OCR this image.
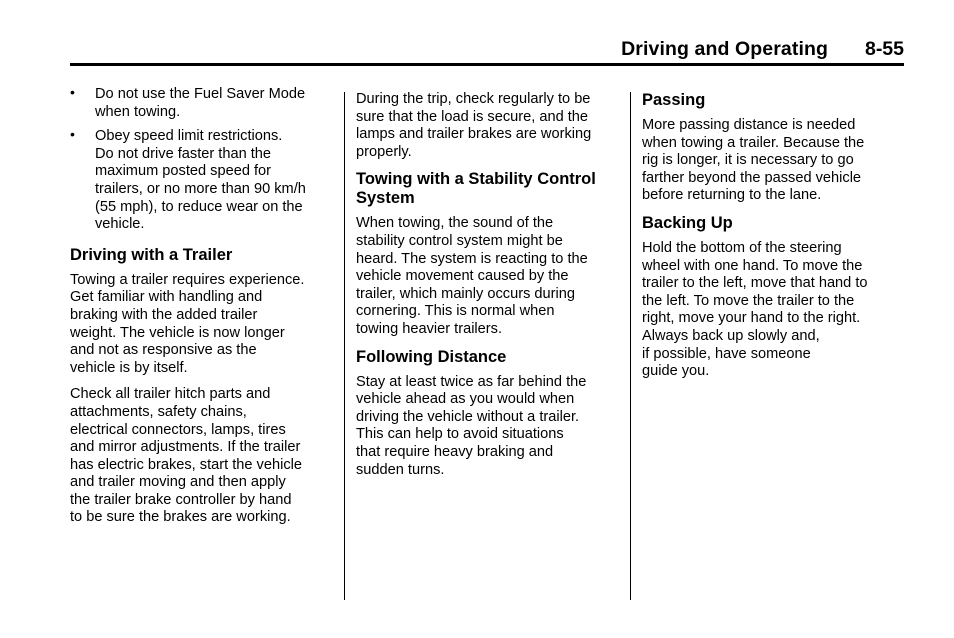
Driving and Operating 8-55
• Do not use the Fuel Saver Mode
when towing.
• Obey speed limit restrictions.
Do not drive faster than the
maximum posted speed for
trailers, or no more than 90 km/h
(55 mph), to reduce wear on the
vehicle.
Driving with a Trailer

Towing a trailer requires experience.
Get familiar with handling and
braking with the added trailer
weight. The vehicle is now longer
and not as responsive as the
vehicle is by itself.

Check all trailer hitch parts and
attachments, safety chains,
electrical connectors, lamps, tires
and mirror adjustments. If the trailer
has electric brakes, start the vehicle
and trailer moving and then apply
the trailer brake controller by hand
to be sure the brakes are working.

During the trip, check regularly to be
sure that the load is secure, and the
lamps and trailer brakes are working
properly.

Towing with a Stability Control
System

When towing, the sound of the
stability control system might be
heard. The system is reacting to the
vehicle movement caused by the
trailer, which mainly occurs during
cornering. This is normal when
towing heavier trailers.

Following Distance

Stay at least twice as far behind the
vehicle ahead as you would when
driving the vehicle without a trailer.
This can help to avoid situations
that require heavy braking and
sudden turns.

Passing

More passing distance is needed
when towing a trailer. Because the
rig is longer, it is necessary to go
farther beyond the passed vehicle
before returning to the lane.

Backing Up

Hold the bottom of the steering
wheel with one hand. To move the
trailer to the left, move that hand to
the left. To move the trailer to the
right, move your hand to the right.
Always back up slowly and,
if possible, have someone
guide you.
